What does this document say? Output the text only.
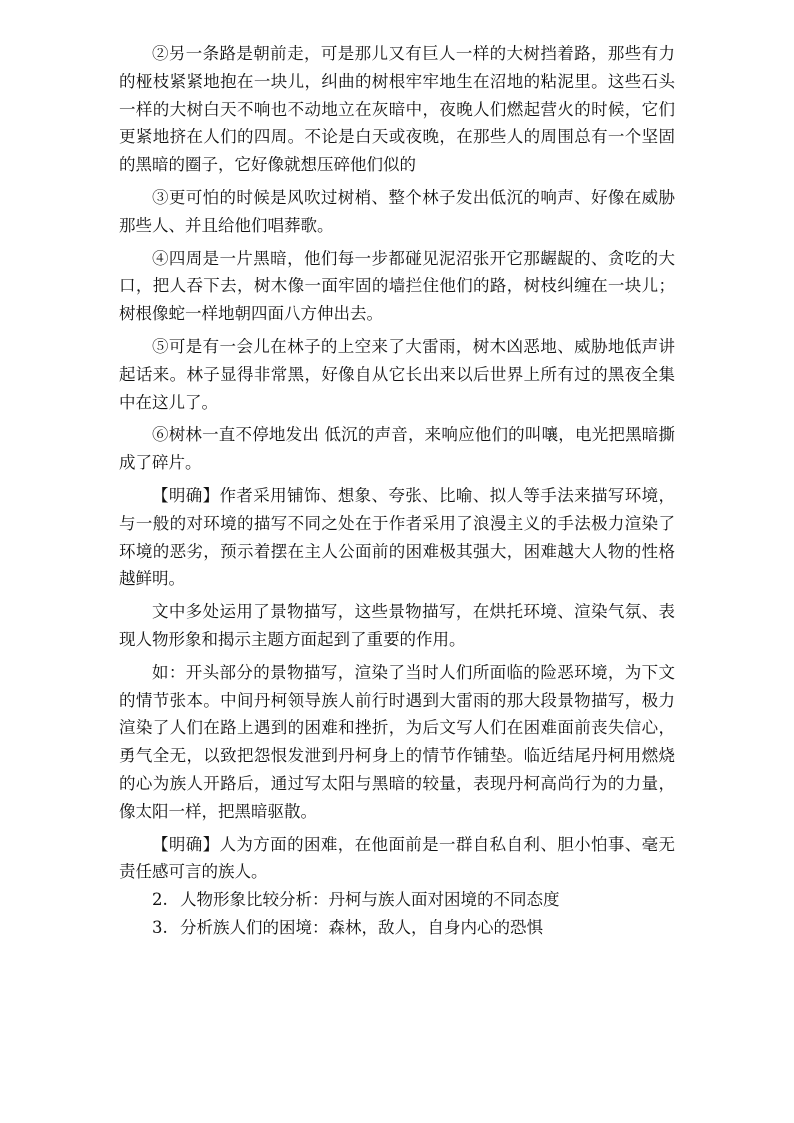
②另一条路是朝前走，可是那儿又有巨人一样的大树挡着路，那些有力的桠枝紧紧地抱在一块儿，纠曲的树根牢牢地生在沼地的粘泥里。这些石头一样的大树白天不响也不动地立在灰暗中，夜晚人们燃起营火的时候，它们更紧地挤在人们的四周。不论是白天或夜晚，在那些人的周围总有一个坚固的黑暗的圈子，它好像就想压碎他们似的

③更可怕的时候是风吹过树梢、整个林子发出低沉的响声、好像在威胁那些人、并且给他们唱葬歌。

④四周是一片黑暗，他们每一步都碰见泥沼张开它那龌龊的、贪吃的大口，把人吞下去，树木像一面牢固的墙拦住他们的路，树枝纠缠在一块儿；树根像蛇一样地朝四面八方伸出去。

⑤可是有一会儿在林子的上空来了大雷雨，树木凶恶地、威胁地低声讲起话来。林子显得非常黑，好像自从它长出来以后世界上所有过的黑夜全集中在这儿了。

⑥树林一直不停地发出 低沉的声音，来响应他们的叫嚷，电光把黑暗撕成了碎片。

【明确】作者采用铺饰、想象、夸张、比喻、拟人等手法来描写环境，与一般的对环境的描写不同之处在于作者采用了浪漫主义的手法极力渲染了环境的恶劣，预示着摆在主人公面前的困难极其强大，困难越大人物的性格越鲜明。

文中多处运用了景物描写，这些景物描写，在烘托环境、渲染气氛、表现人物形象和揭示主题方面起到了重要的作用。

如：开头部分的景物描写，渲染了当时人们所面临的险恶环境，为下文的情节张本。中间丹柯领导族人前行时遇到大雷雨的那大段景物描写，极力渲染了人们在路上遇到的困难和挫折，为后文写人们在困难面前丧失信心，勇气全无，以致把怨恨发泄到丹柯身上的情节作铺垫。临近结尾丹柯用燃烧的心为族人开路后，通过写太阳与黑暗的较量，表现丹柯高尚行为的力量，像太阳一样，把黑暗驱散。

【明确】人为方面的困难，在他面前是一群自私自利、胆小怕事、毫无责任感可言的族人。

2. 人物形象比较分析：丹柯与族人面对困境的不同态度

3. 分析族人们的困境：森林，敌人，自身内心的恐惧
